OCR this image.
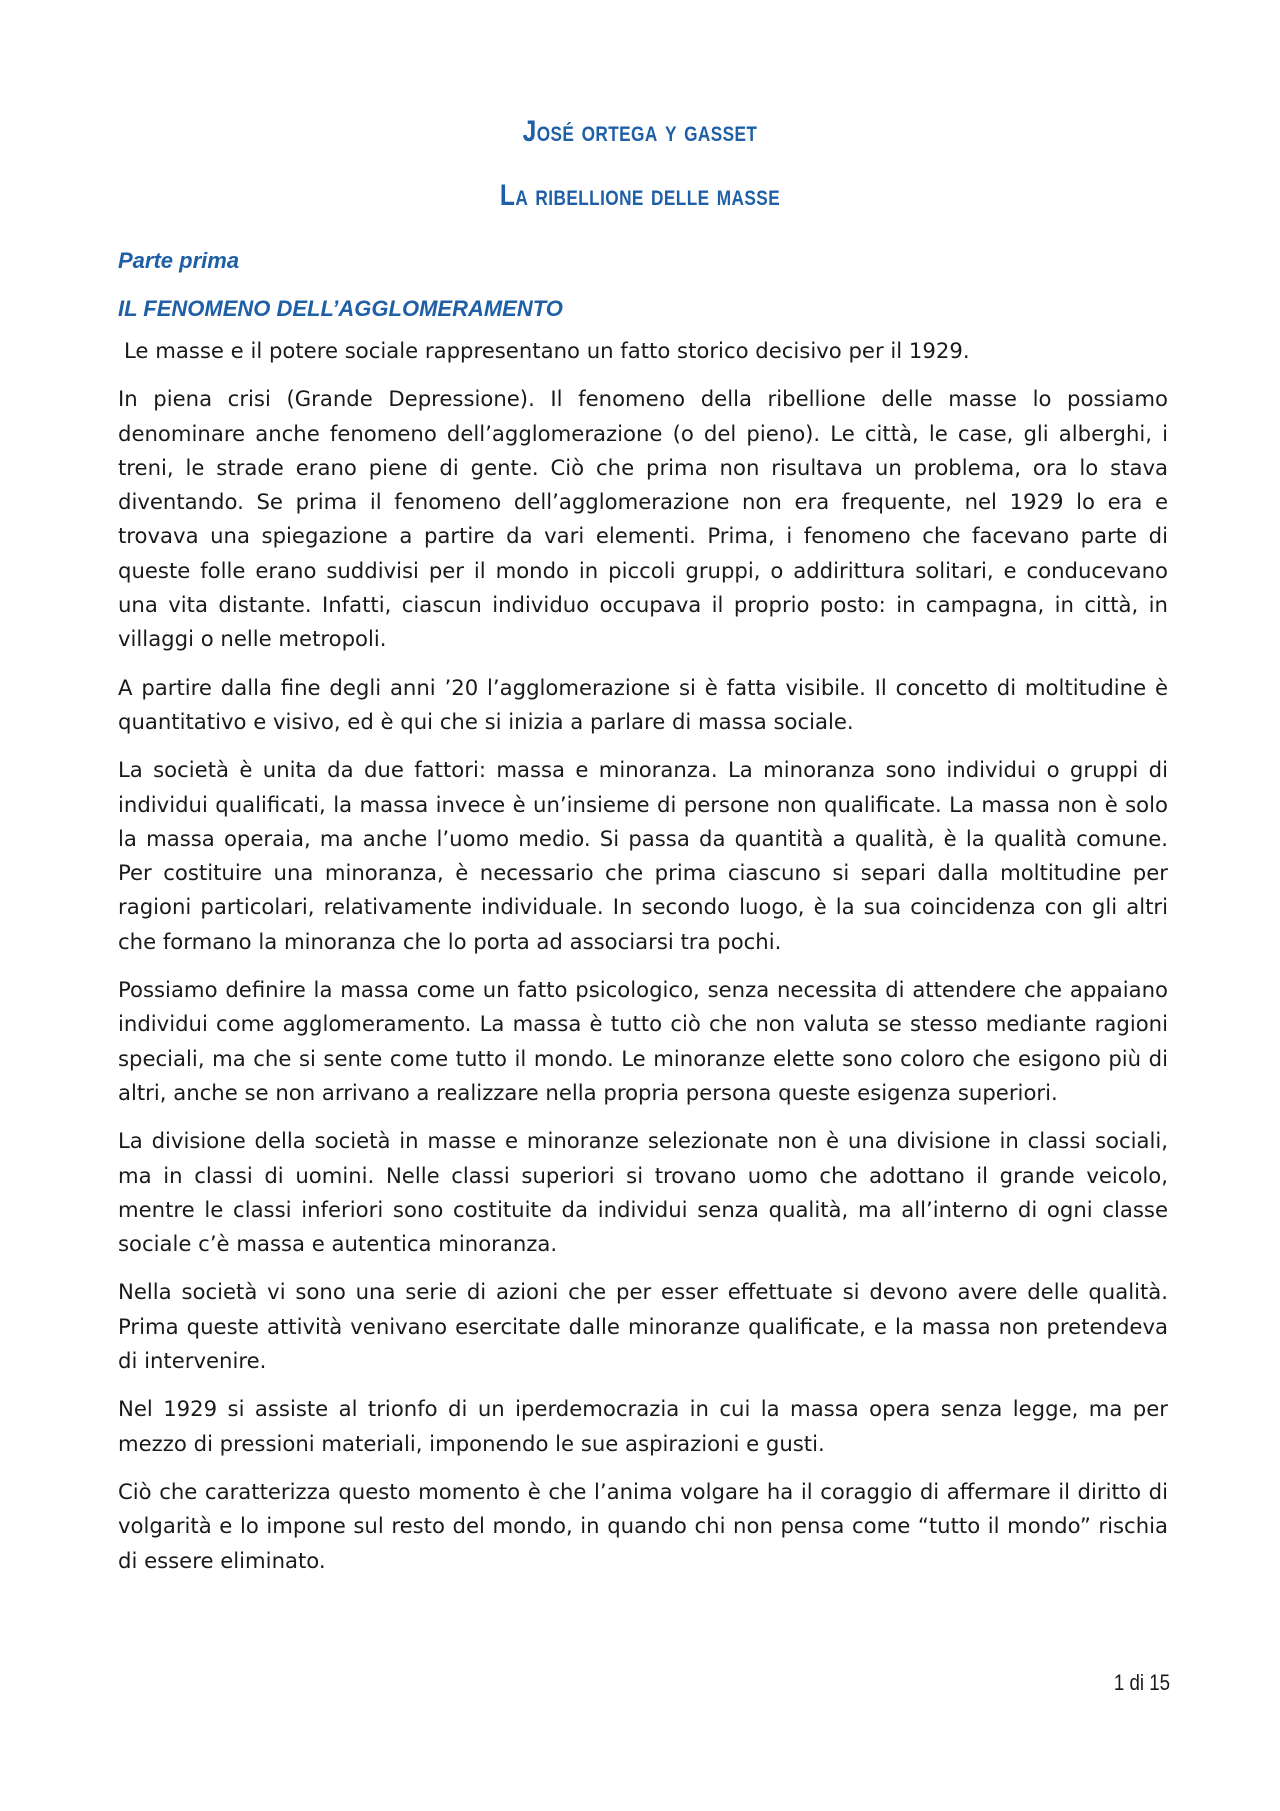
José ortega y gasset
La ribellione delle masse
Parte prima
IL FENOMENO DELL’AGGLOMERAMENTO

Le masse e il potere sociale rappresentano un fatto storico decisivo per il 1929.

In piena crisi (Grande Depressione). Il fenomeno della ribellione delle masse lo possiamo denominare anche fenomeno dell’agglomerazione (o del pieno). Le città, le case, gli alberghi, i treni, le strade erano piene di gente. Ciò che prima non risultava un problema, ora lo stava diventando. Se prima il fenomeno dell’agglomerazione non era frequente, nel 1929 lo era e trovava una spiegazione a partire da vari elementi. Prima, i fenomeno che facevano parte di queste folle erano suddivisi per il mondo in piccoli gruppi, o addirittura solitari, e conducevano una vita distante. Infatti, ciascun individuo occupava il proprio posto: in campagna, in città, in villaggi o nelle metropoli.

A partire dalla fine degli anni ’20 l’agglomerazione si è fatta visibile. Il concetto di moltitudine è quantitativo e visivo, ed è qui che si inizia a parlare di massa sociale.

La società è unita da due fattori: massa e minoranza. La minoranza sono individui o gruppi di individui qualificati, la massa invece è un’insieme di persone non qualificate. La massa non è solo la massa operaia, ma anche l’uomo medio. Si passa da quantità a qualità, è la qualità comune. Per costituire una minoranza, è necessario che prima ciascuno si separi dalla moltitudine per ragioni particolari, relativamente individuale. In secondo luogo, è la sua coincidenza con gli altri che formano la minoranza che lo porta ad associarsi tra pochi.

Possiamo definire la massa come un fatto psicologico, senza necessita di attendere che appaiano individui come agglomeramento. La massa è tutto ciò che non valuta se stesso mediante ragioni speciali, ma che si sente come tutto il mondo. Le minoranze elette sono coloro che esigono più di altri, anche se non arrivano a realizzare nella propria persona queste esigenza superiori.

La divisione della società in masse e minoranze selezionate non è una divisione in classi sociali, ma in classi di uomini. Nelle classi superiori si trovano uomo che adottano il grande veicolo, mentre le classi inferiori sono costituite da individui senza qualità, ma all’interno di ogni classe sociale c’è massa e autentica minoranza.

Nella società vi sono una serie di azioni che per esser effettuate si devono avere delle qualità. Prima queste attività venivano esercitate dalle minoranze qualificate, e la massa non pretendeva di intervenire.

Nel 1929 si assiste al trionfo di un iperdemocrazia in cui la massa opera senza legge, ma per mezzo di pressioni materiali, imponendo le sue aspirazioni e gusti.

Ciò che caratterizza questo momento è che l’anima volgare ha il coraggio di affermare il diritto di volgarità e lo impone sul resto del mondo, in quando chi non pensa come “tutto il mondo” rischia di essere eliminato.

1 di 15
